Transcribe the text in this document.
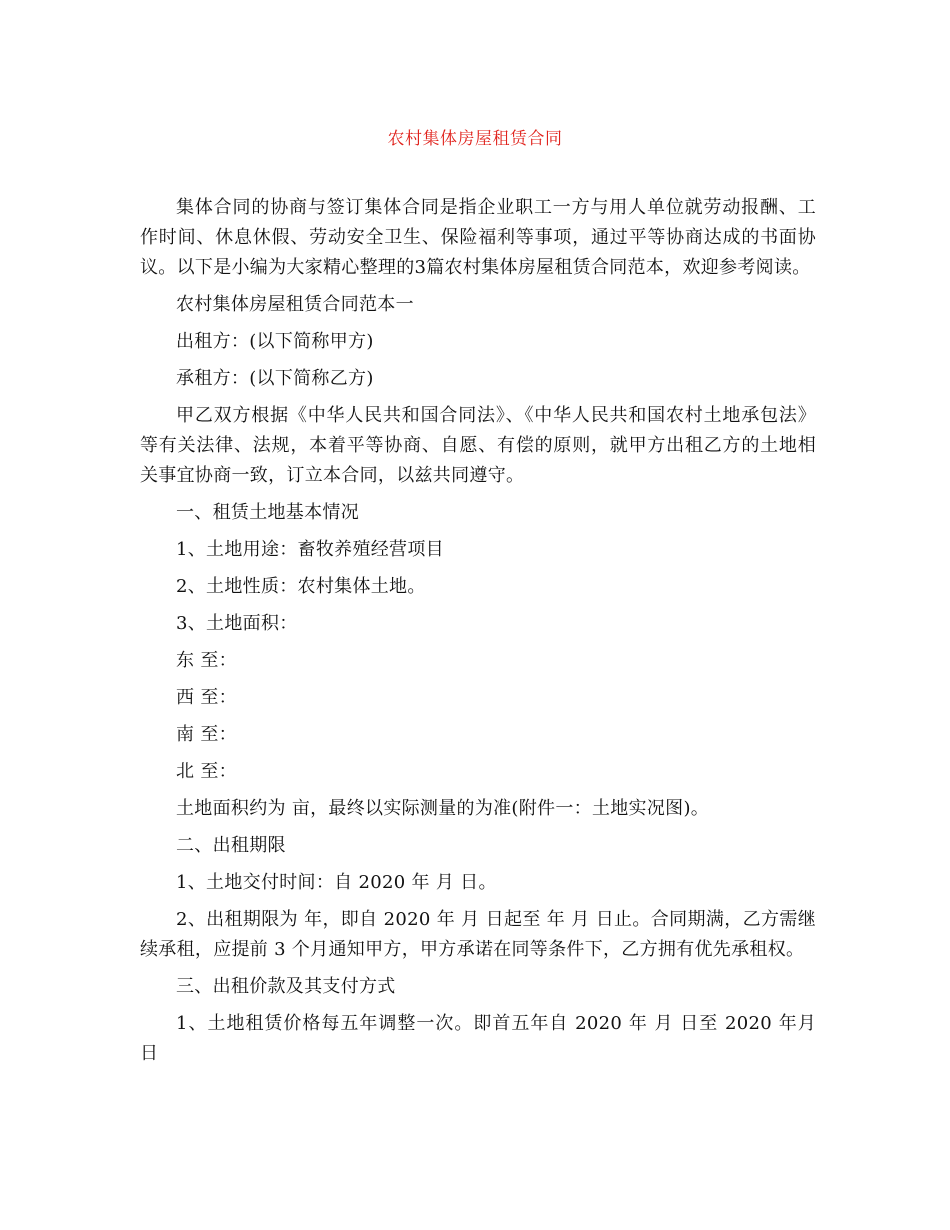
农村集体房屋租赁合同

集体合同的协商与签订集体合同是指企业职工一方与用人单位就劳动报酬、工作时间、休息休假、劳动安全卫生、保险福利等事项，通过平等协商达成的书面协议。以下是小编为大家精心整理的3篇农村集体房屋租赁合同范本，欢迎参考阅读。

农村集体房屋租赁合同范本一

出租方：(以下简称甲方)

承租方：(以下简称乙方)

甲乙双方根据《中华人民共和国合同法》、《中华人民共和国农村土地承包法》等有关法律、法规，本着平等协商、自愿、有偿的原则，就甲方出租乙方的土地相关事宜协商一致，订立本合同，以兹共同遵守。

一、租赁土地基本情况

1、土地用途：畜牧养殖经营项目

2、土地性质：农村集体土地。

3、土地面积：

东 至：

西 至：

南 至：

北 至：

土地面积约为 亩，最终以实际测量的为准(附件一：土地实况图)。

二、出租期限

1、土地交付时间：自 2020 年 月 日。

2、出租期限为 年，即自 2020 年 月 日起至 年 月 日止。合同期满，乙方需继续承租，应提前 3 个月通知甲方，甲方承诺在同等条件下，乙方拥有优先承租权。

三、出租价款及其支付方式

1、土地租赁价格每五年调整一次。即首五年自 2020 年 月 日至 2020 年月 日
